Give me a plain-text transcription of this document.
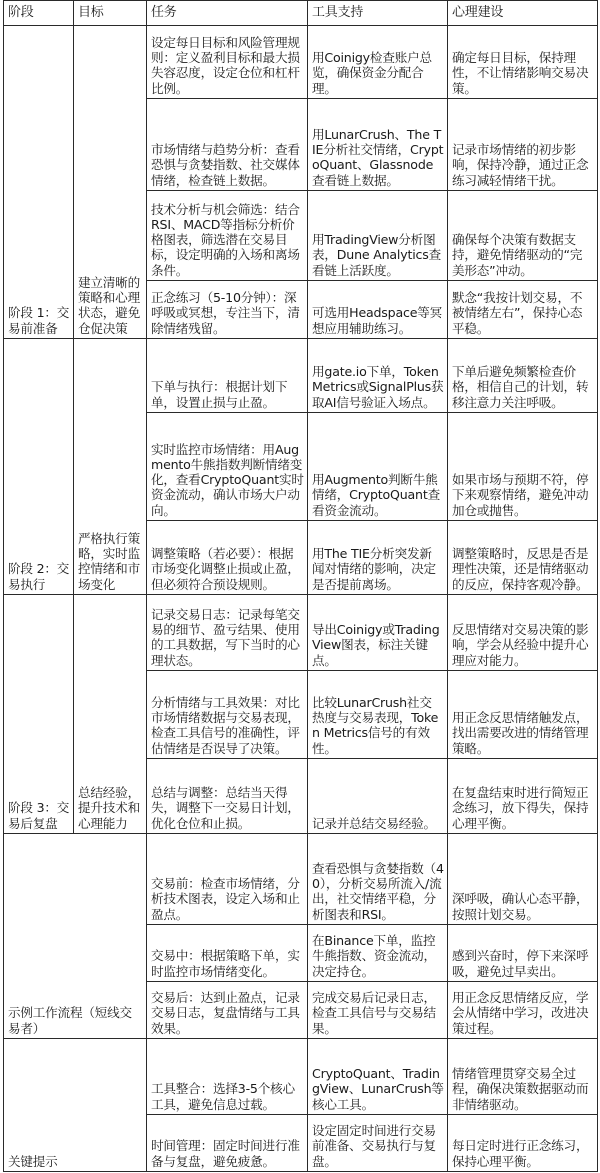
阶段	目标	任务	工具支持	心理建设
阶段 1：交易前准备	建立清晰的策略和心理状态，避免仓促决策	设定每日目标和风险管理规则：定义盈利目标和最大损失容忍度，设定仓位和杠杆比例。	用Coinigy检查账户总览，确保资金分配合理。	确定每日目标，保持理性，不让情绪影响交易决策。
		市场情绪与趋势分析：查看恐惧与贪婪指数、社交媒体情绪，检查链上数据。	用LunarCrush、The TIE分析社交情绪，CryptoQuant、Glassnode查看链上数据。	记录市场情绪的初步影响，保持冷静，通过正念练习减轻情绪干扰。
		技术分析与机会筛选：结合RSI、MACD等指标分析价格图表，筛选潜在交易目标，设定明确的入场和离场条件。	用TradingView分析图表，Dune Analytics查看链上活跃度。	确保每个决策有数据支持，避免情绪驱动的“完美形态”冲动。
		正念练习（5-10分钟）：深呼吸或冥想，专注当下，清除情绪残留。	可选用Headspace等冥想应用辅助练习。	默念“我按计划交易，不被情绪左右”，保持心态平稳。
阶段 2：交易执行	严格执行策略，实时监控情绪和市场变化	下单与执行：根据计划下单，设置止损与止盈。	用gate.io下单，Token Metrics或SignalPlus获取AI信号验证入场点。	下单后避免频繁检查价格，相信自己的计划，转移注意力关注呼吸。
		实时监控市场情绪：用Augmento牛熊指数判断情绪变化，查看CryptoQuant实时资金流动，确认市场大户动向。	用Augmento判断牛熊情绪，CryptoQuant查看资金流动。	如果市场与预期不符，停下来观察情绪，避免冲动加仓或抛售。
		调整策略（若必要）：根据市场变化调整止损或止盈，但必须符合预设规则。	用The TIE分析突发新闻对情绪的影响，决定是否提前离场。	调整策略时，反思是否是理性决策，还是情绪驱动的反应，保持客观冷静。
阶段 3：交易后复盘	总结经验，提升技术和心理能力	记录交易日志：记录每笔交易的细节、盈亏结果、使用的工具数据，写下当时的心理状态。	导出Coinigy或TradingView图表，标注关键点。	反思情绪对交易决策的影响，学会从经验中提升心理应对能力。
		分析情绪与工具效果：对比市场情绪数据与交易表现，检查工具信号的准确性，评估情绪是否误导了决策。	比较LunarCrush社交热度与交易表现，Token Metrics信号的有效性。	用正念反思情绪触发点，找出需要改进的情绪管理策略。
		总结与调整：总结当天得失，调整下一交易日计划，优化仓位和止损。	记录并总结交易经验。	在复盘结束时进行简短正念练习，放下得失，保持心理平衡。
示例工作流程（短线交易者）		交易前：检查市场情绪，分析技术图表，设定入场和止盈点。	查看恐惧与贪婪指数（40），分析交易所流入/流出，社交情绪平稳，分析图表和RSI。	深呼吸，确认心态平静，按照计划交易。
		交易中：根据策略下单，实时监控市场情绪变化。	在Binance下单，监控牛熊指数、资金流动，决定持仓。	感到兴奋时，停下来深呼吸，避免过早卖出。
		交易后：达到止盈点，记录交易日志，复盘情绪与工具效果。	完成交易后记录日志，检查工具信号与交易结果。	用正念反思情绪反应，学会从情绪中学习，改进决策过程。
关键提示		工具整合：选择3-5个核心工具，避免信息过载。	CryptoQuant、TradingView、LunarCrush等核心工具。	情绪管理贯穿交易全过程，确保决策数据驱动而非情绪驱动。
		时间管理：固定时间进行准备与复盘，避免疲惫。	设定固定时间进行交易前准备、交易执行与复盘。	每日定时进行正念练习，保持心理平衡。
